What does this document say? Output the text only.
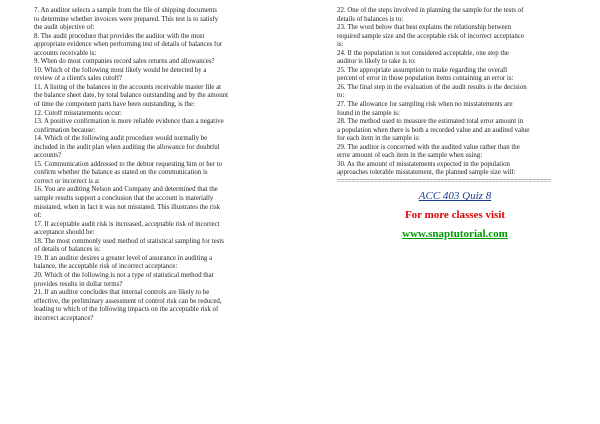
7. An auditor selects a sample from the file of shipping documents
to determine whether invoices were prepared. This test is to satisfy
the audit objective of:
8. The audit procedure that provides the auditor with the most
appropriate evidence when performing test of details of balances for
accounts receivable is:
9. When do most companies record sales returns and allowances?
10. Which of the following most likely would be detected by a
review of a client's sales cutoff?
11. A listing of the balances in the accounts receivable master file at
the balance sheet date, by total balance outstanding and by the amount
of time the component parts have been outstanding, is the:
12. Cutoff misstatements occur:
13. A positive confirmation is more reliable evidence than a negative
confirmation because:
14. Which of the following audit procedure would normally be
included in the audit plan when auditing the allowance for doubtful
accounts?
15. Communication addressed to the debtor requesting him or her to
confirm whether the balance as stated on the communication is
correct or incorrect is a:
16. You are auditing Nelson and Company and determined that the
sample results support a conclusion that the account is materially
misstated, when in fact it was not misstated. This illustrates the risk
of:
17. If acceptable audit risk is increased, acceptable risk of incorrect
acceptance should be:
18. The most commonly used method of statistical sampling for tests
of details of balances is:
19. If an auditor desires a greater level of assurance in auditing a
balance, the acceptable risk of incorrect acceptance:
20. Which of the following is not a type of statistical method that
provides results in dollar terms?
21. If an auditor concludes that internal controls are likely to be
effective, the preliminary assessment of control risk can be reduced,
leading to which of the following impacts on the acceptable risk of
incorrect acceptance?
22. One of the steps involved in planning the sample for the tests of
details of balances is to:
23. The word below that best explains the relationship between
required sample size and the acceptable risk of incorrect acceptance
is:
24. If the population is not considered acceptable, one step the
auditor is likely to take is to:
25. The appropriate assumption to make regarding the overall
percent of error in those population items containing an error is:
26. The final step in the evaluation of the audit results is the decision
to:
27. The allowance for sampling risk when no misstatements are
found in the sample is:
28. The method used to measure the estimated total error amount in
a population when there is both a recorded value and an audited value
for each item in the sample is:
29. The auditor is concerned with the audited value rather than the
error amount of each item in the sample when using:
30. As the amount of misstatements expected in the population
approaches tolerable misstatement, the planned sample size will:
==========================================================
ACC 403 Quiz 8
For more classes visit
www.snaptutorial.com
